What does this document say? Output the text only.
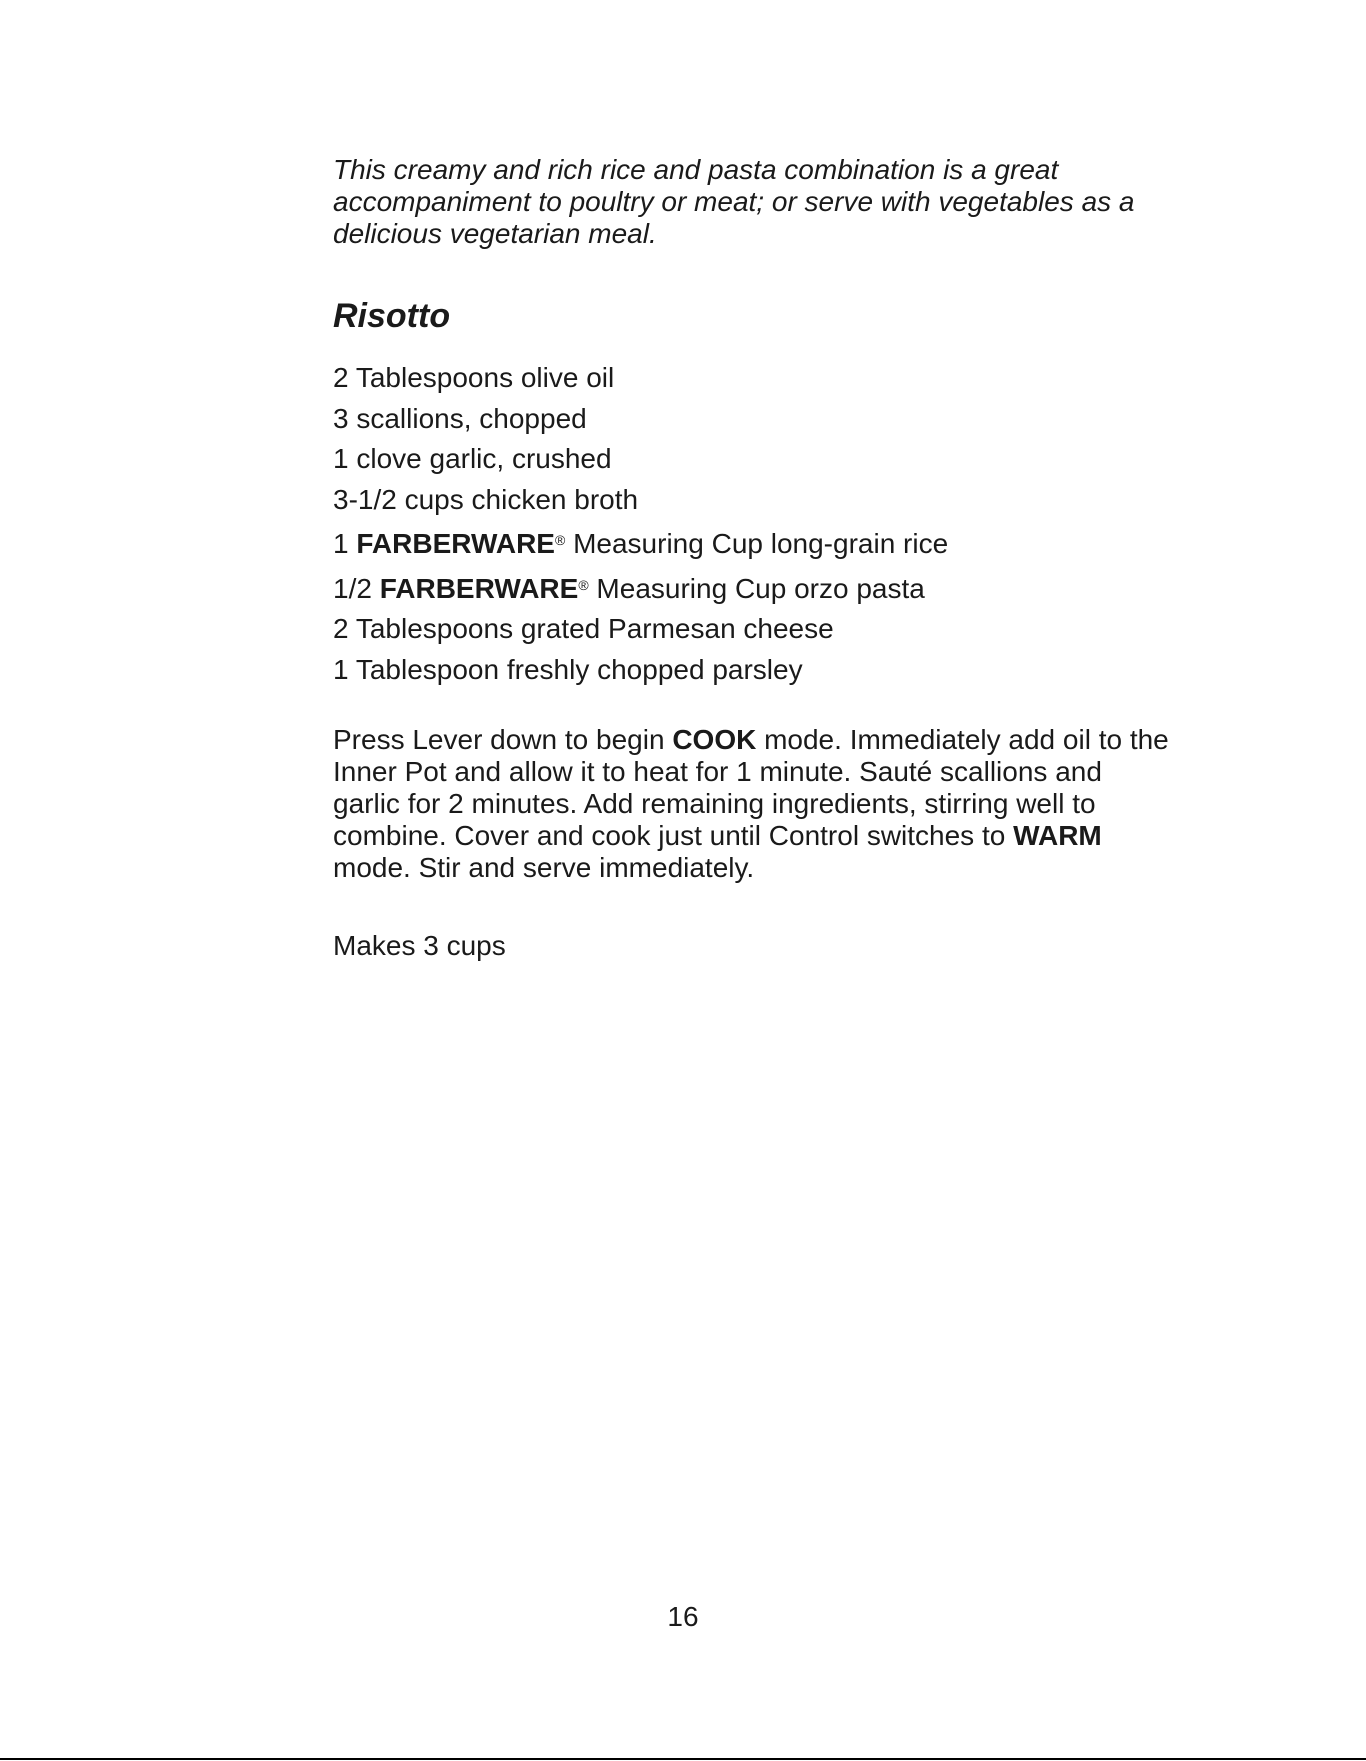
This creamy and rich rice and pasta combination is a great
accompaniment to poultry or meat; or serve with vegetables as a
delicious vegetarian meal.

Risotto
2 Tablespoons olive oil
3 scallions, chopped
1 clove garlic, crushed
3-1/2 cups chicken broth
1 FARBERWARE® Measuring Cup long-grain rice
1/2 FARBERWARE® Measuring Cup orzo pasta
2 Tablespoons grated Parmesan cheese
1 Tablespoon freshly chopped parsley

Press Lever down to begin COOK mode. Immediately add oil to the
Inner Pot and allow it to heat for 1 minute. Sauté scallions and
garlic for 2 minutes. Add remaining ingredients, stirring well to
combine. Cover and cook just until Control switches to WARM
mode. Stir and serve immediately.

Makes 3 cups

16
